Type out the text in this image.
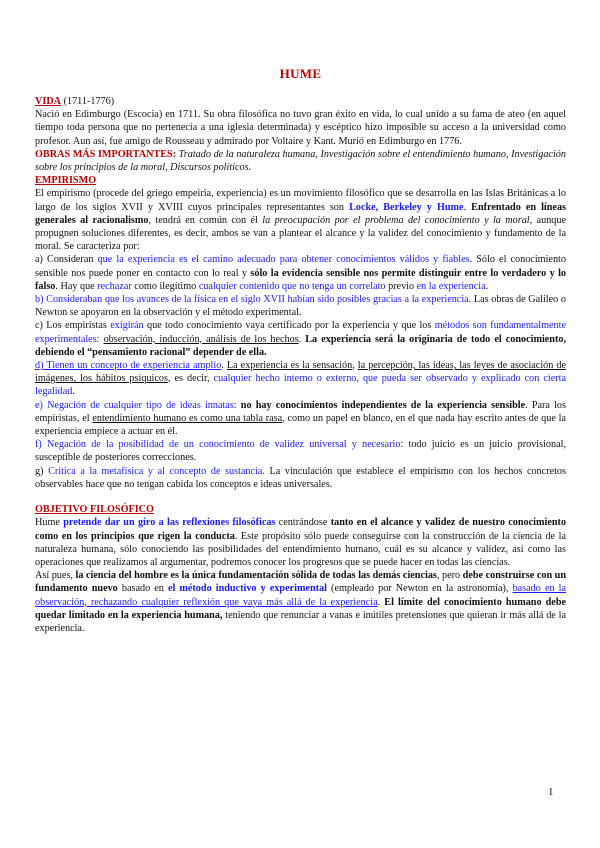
HUME

VIDA (1711-1776)
Nació en Edimburgo (Escocia) en 1711. Su obra filosófica no tuvo gran éxito en vida, lo cual unido a su fama de ateo (en aquel tiempo toda persona que no pertenecía a una iglesia determinada) y escéptico hizo imposible su acceso a la universidad como profesor. Aun así, fue amigo de Rousseau y admirado por Voltaire y Kant. Murió en Edimburgo en 1776.

OBRAS MÁS IMPORTANTES: Tratado de la naturaleza humana, Investigación sobre el entendimiento humano, Investigación sobre los principios de la moral, Discursos políticos.

EMPIRISMO
El empirismo (procede del griego empeiria, experiencia) es un movimiento filosófico que se desarrolla en las Islas Británicas a lo largo de los siglos XVII y XVIII cuyos principales representantes son Locke, Berkeley y Hume. Enfrentado en líneas generales al racionalismo, tendrá en común con él la preocupación por el problema del conocimiento y la moral, aunque propugnen soluciones diferentes, es decir, ambos se van a plantear el alcance y la validez del conocimiento y fundamento de la moral. Se caracteriza por:

a) Consideran que la experiencia es el camino adecuado para obtener conocimientos válidos y fiables. Sólo el conocimiento sensible nos puede poner en contacto con lo real y sólo la evidencia sensible nos permite distinguir entre lo verdadero y lo falso. Hay que rechazar como ilegítimo cualquier contenido que no tenga un correlato previo en la experiencia.

b) Consideraban que los avances de la física en el siglo XVII habían sido posibles gracias a la experiencia. Las obras de Galileo o Newton se apoyaron en la observación y el método experimental.

c) Los empiristas exigirán que todo conocimiento vaya certificado por la experiencia y que los métodos son fundamentalmente experimentales: observación, inducción, análisis de los hechos. La experiencia será la originaria de todo el conocimiento, debiendo el “pensamiento racional” depender de ella.

d) Tienen un concepto de experiencia amplio. La experiencia es la sensación, la percepción, las ideas, las leyes de asociación de imágenes, los hábitos psíquicos, es decir, cualquier hecho interno o externo, que pueda ser observado y explicado con cierta legalidad.

e) Negación de cualquier tipo de ideas innatas: no hay conocimientos independientes de la experiencia sensible. Para los empiristas, el entendimiento humano es como una tabla rasa, como un papel en blanco, en el que nada hay escrito antes de que la experiencia empiece a actuar en él.

f) Negación de la posibilidad de un conocimiento de validez universal y necesario: todo juicio es un juicio provisional, susceptible de posteriores correcciones.

g) Crítica a la metafísica y al concepto de sustancia. La vinculación que establece el empirismo con los hechos concretos observables hace que no tengan cabida los conceptos e ideas universales.

OBJETIVO FILOSÓFICO
Hume pretende dar un giro a las reflexiones filosóficas centrándose tanto en el alcance y validez de nuestro conocimiento como en los principios que rigen la conducta. Este propósito sólo puede conseguirse con la construcción de la ciencia de la naturaleza humana, sólo conociendo las posibilidades del entendimiento humano, cuál es su alcance y validez, así como las operaciones que realizamos al argumentar, podremos conocer los progresos que se puede hacer en todas las ciencias.

Así pues, la ciencia del hombre es la única fundamentación sólida de todas las demás ciencias, pero debe construirse con un fundamento nuevo basado en el método inductivo y experimental (empleado por Newton en la astronomía), basado en la observación, rechazando cualquier reflexión que vaya más allá de la experiencia. El límite del conocimiento humano debe quedar limitado en la experiencia humana, teniendo que renunciar a vanas e inútiles pretensiones que quieran ir más allá de la experiencia.

1
